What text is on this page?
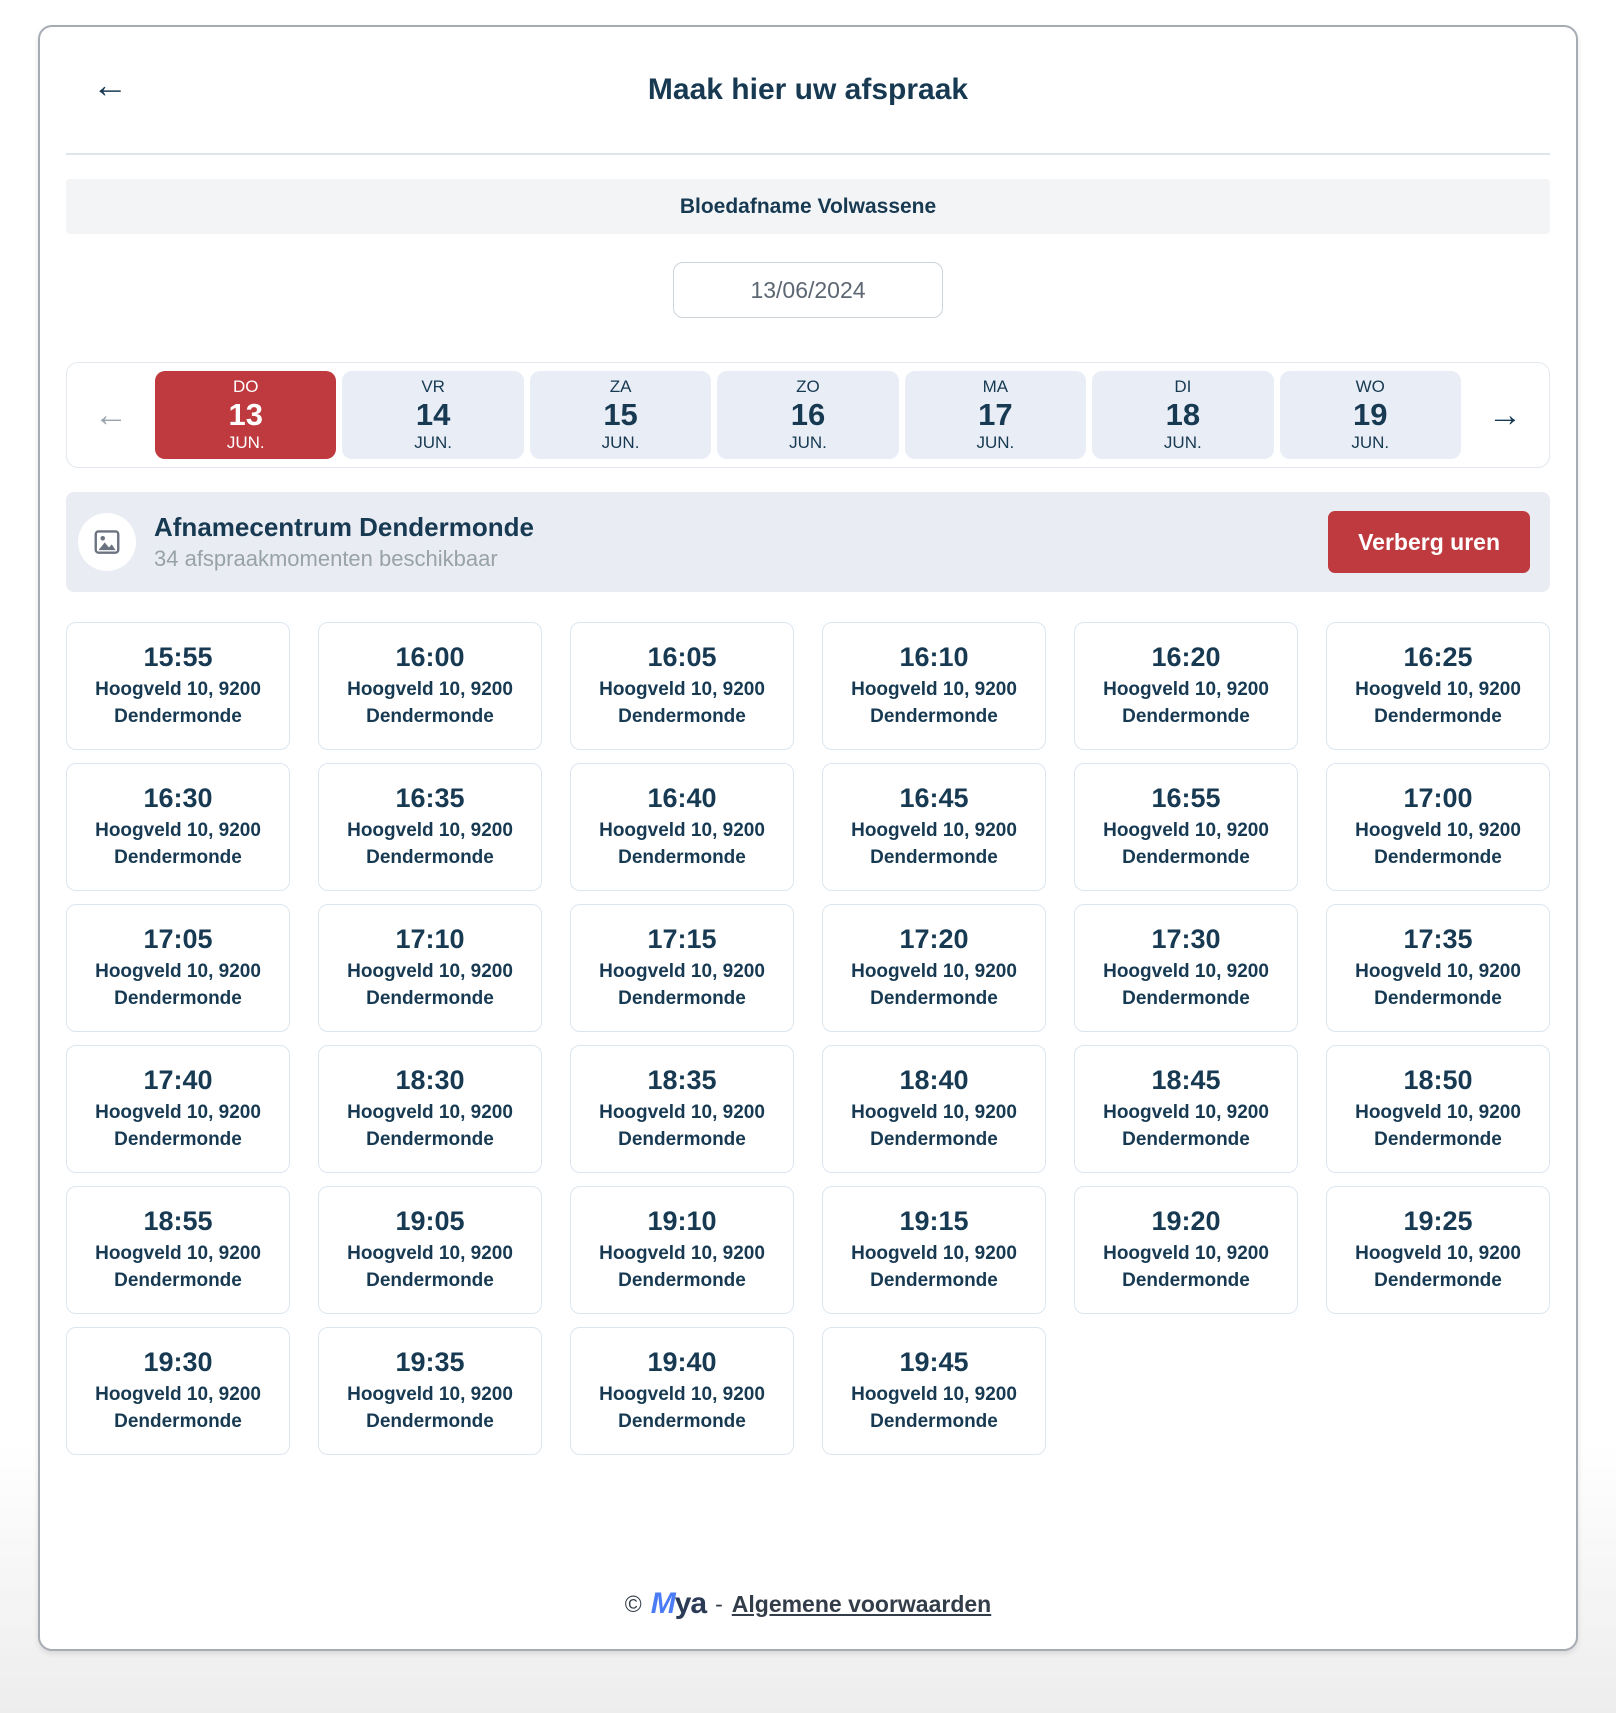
←	Maak hier uw afspraak
Bloedafname Volwassene
13/06/2024
←
DO
13
JUN.
VR
14
JUN.
ZA
15
JUN.
ZO
16
JUN.
MA
17
JUN.
DI
18
JUN.
WO
19
JUN.
→
Afnamecentrum Dendermonde
34 afspraakmomenten beschikbaar
Verberg uren
15:55
Hoogveld 10, 9200
Dendermonde
16:00
Hoogveld 10, 9200
Dendermonde
16:05
Hoogveld 10, 9200
Dendermonde
16:10
Hoogveld 10, 9200
Dendermonde
16:20
Hoogveld 10, 9200
Dendermonde
16:25
Hoogveld 10, 9200
Dendermonde
16:30
Hoogveld 10, 9200
Dendermonde
16:35
Hoogveld 10, 9200
Dendermonde
16:40
Hoogveld 10, 9200
Dendermonde
16:45
Hoogveld 10, 9200
Dendermonde
16:55
Hoogveld 10, 9200
Dendermonde
17:00
Hoogveld 10, 9200
Dendermonde
17:05
Hoogveld 10, 9200
Dendermonde
17:10
Hoogveld 10, 9200
Dendermonde
17:15
Hoogveld 10, 9200
Dendermonde
17:20
Hoogveld 10, 9200
Dendermonde
17:30
Hoogveld 10, 9200
Dendermonde
17:35
Hoogveld 10, 9200
Dendermonde
17:40
Hoogveld 10, 9200
Dendermonde
18:30
Hoogveld 10, 9200
Dendermonde
18:35
Hoogveld 10, 9200
Dendermonde
18:40
Hoogveld 10, 9200
Dendermonde
18:45
Hoogveld 10, 9200
Dendermonde
18:50
Hoogveld 10, 9200
Dendermonde
18:55
Hoogveld 10, 9200
Dendermonde
19:05
Hoogveld 10, 9200
Dendermonde
19:10
Hoogveld 10, 9200
Dendermonde
19:15
Hoogveld 10, 9200
Dendermonde
19:20
Hoogveld 10, 9200
Dendermonde
19:25
Hoogveld 10, 9200
Dendermonde
19:30
Hoogveld 10, 9200
Dendermonde
19:35
Hoogveld 10, 9200
Dendermonde
19:40
Hoogveld 10, 9200
Dendermonde
19:45
Hoogveld 10, 9200
Dendermonde
© M ya - Algemene voorwaarden
